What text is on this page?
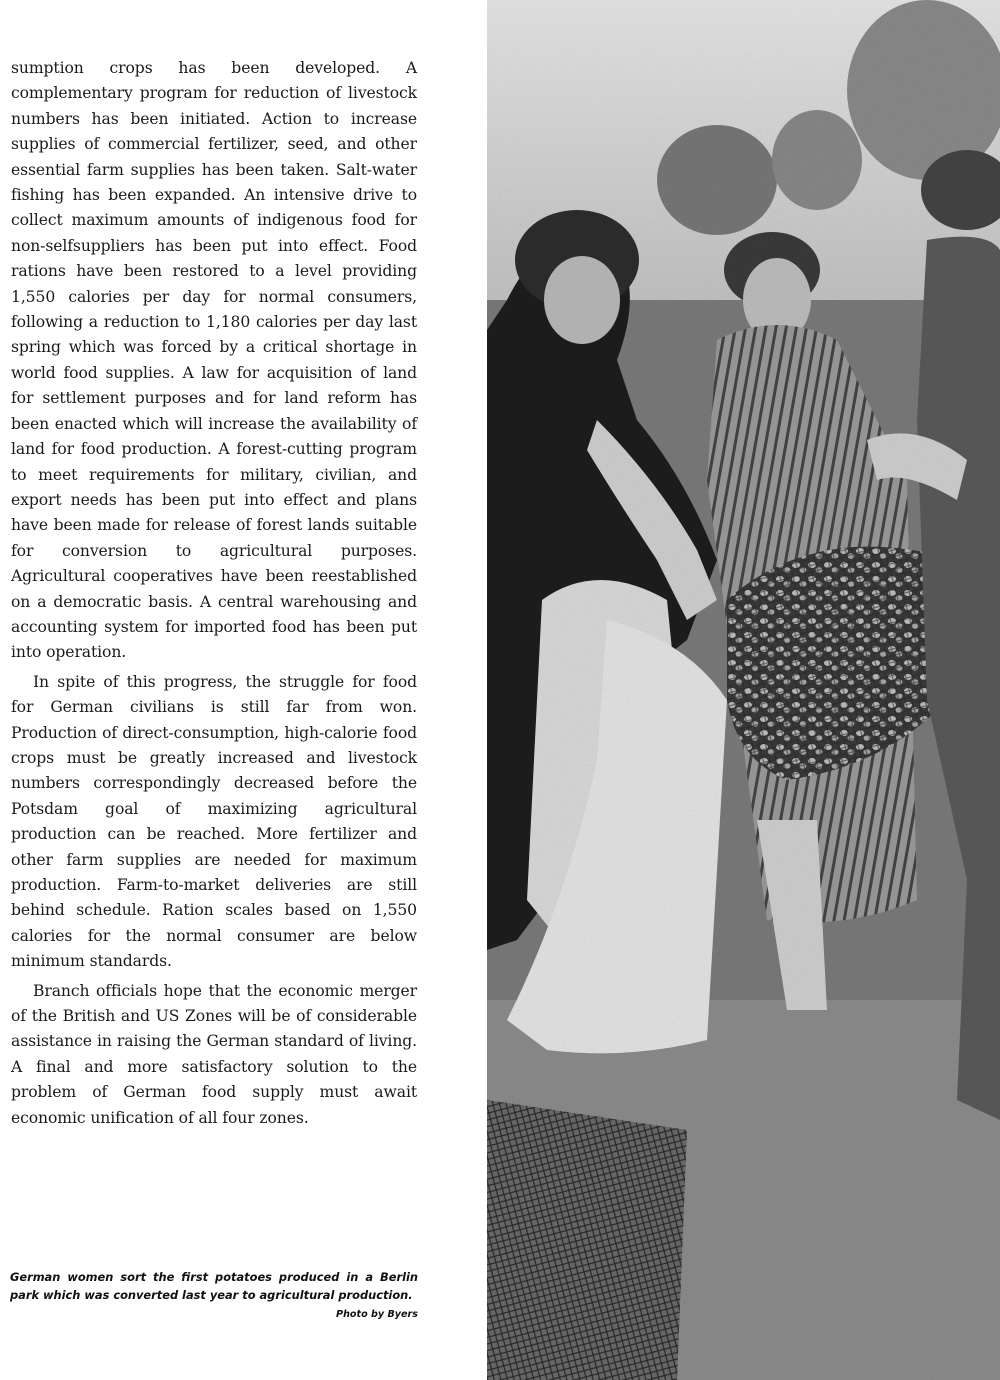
sumption crops has been developed. A complementary program for reduction of livestock numbers has been initiated. Action to increase supplies of commercial fertilizer, seed, and other essential farm supplies has been taken. Salt-water fishing has been expanded. An intensive drive to collect maximum amounts of indigenous food for non-selfsuppliers has been put into effect. Food rations have been restored to a level providing 1,550 calories per day for normal consumers, following a reduction to 1,180 calories per day last spring which was forced by a critical shortage in world food supplies. A law for acquisition of land for settlement purposes and for land reform has been enacted which will increase the availability of land for food production. A forest-cutting program to meet requirements for military, civilian, and export needs has been put into effect and plans have been made for release of forest lands suitable for conversion to agricultural purposes. Agricultural cooperatives have been reestablished on a democratic basis. A central warehousing and accounting system for imported food has been put into operation.

In spite of this progress, the struggle for food for German civilians is still far from won. Production of direct-consumption, high-calorie food crops must be greatly increased and livestock numbers correspondingly decreased before the Potsdam goal of maximizing agricultural production can be reached. More fertilizer and other farm supplies are needed for maximum production. Farm-to-market deliveries are still behind schedule. Ration scales based on 1,550 calories for the normal consumer are below minimum standards.

Branch officials hope that the economic merger of the British and US Zones will be of considerable assistance in raising the German standard of living. A final and more satisfactory solution to the problem of German food supply must await economic unification of all four zones.

German women sort the first potatoes produced in a Berlin park which was converted last year to agricultural production.
Photo by Byers
